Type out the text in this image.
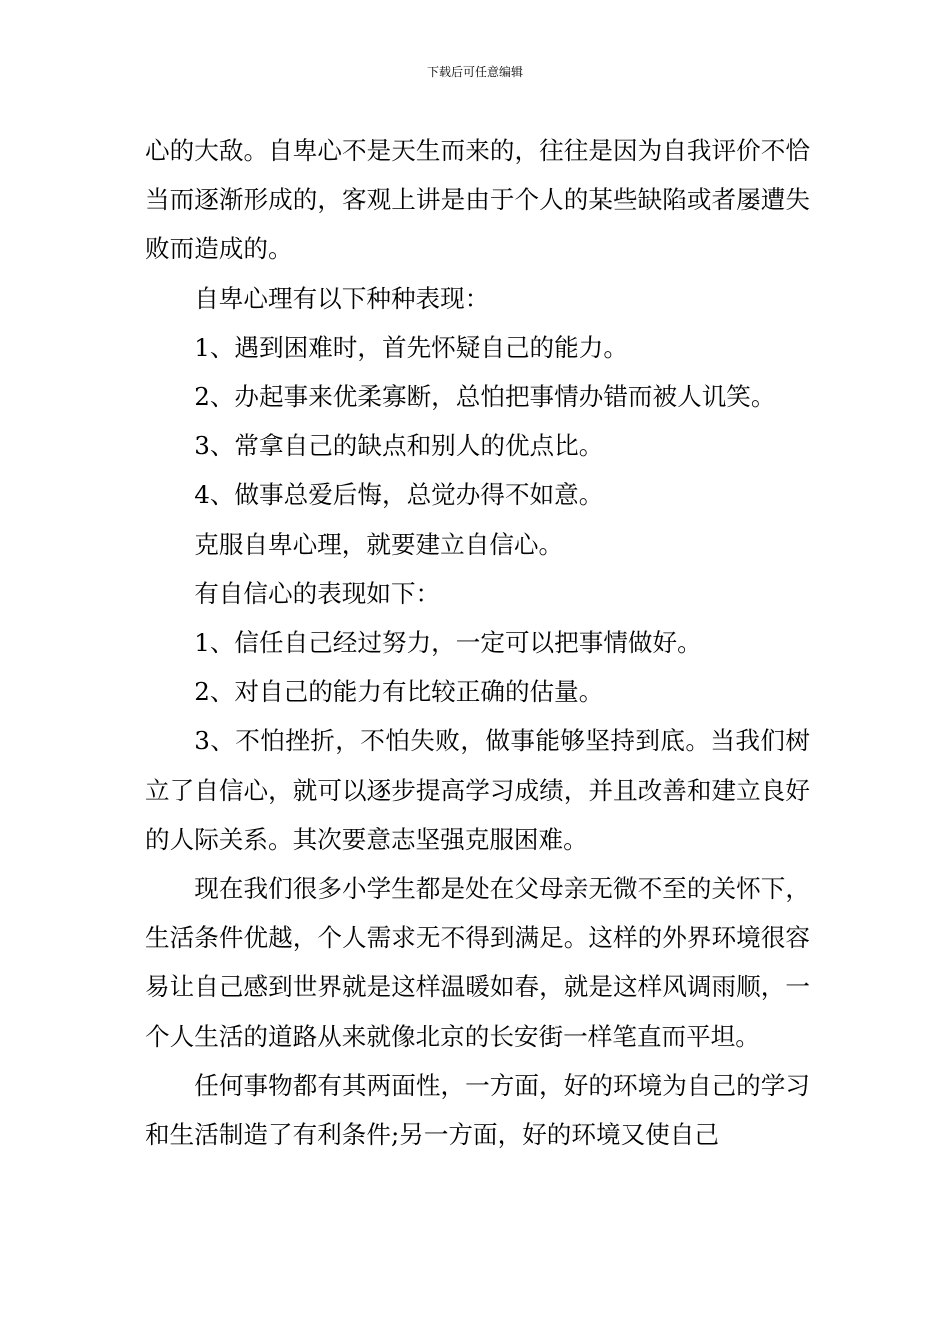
下载后可任意编辑

心的大敌。自卑心不是天生而来的，往往是因为自我评价不恰当而逐渐形成的，客观上讲是由于个人的某些缺陷或者屡遭失败而造成的。

自卑心理有以下种种表现：

1、遇到困难时，首先怀疑自己的能力。

2、办起事来优柔寡断，总怕把事情办错而被人讥笑。

3、常拿自己的缺点和别人的优点比。

4、做事总爱后悔，总觉办得不如意。

克服自卑心理，就要建立自信心。

有自信心的表现如下：

1、信任自己经过努力，一定可以把事情做好。

2、对自己的能力有比较正确的估量。

3、不怕挫折，不怕失败，做事能够坚持到底。当我们树立了自信心，就可以逐步提高学习成绩，并且改善和建立良好的人际关系。其次要意志坚强克服困难。

现在我们很多小学生都是处在父母亲无微不至的关怀下，生活条件优越，个人需求无不得到满足。这样的外界环境很容易让自己感到世界就是这样温暖如春，就是这样风调雨顺，一个人生活的道路从来就像北京的长安街一样笔直而平坦。

任何事物都有其两面性，一方面，好的环境为自己的学习和生活制造了有利条件;另一方面，好的环境又使自己
